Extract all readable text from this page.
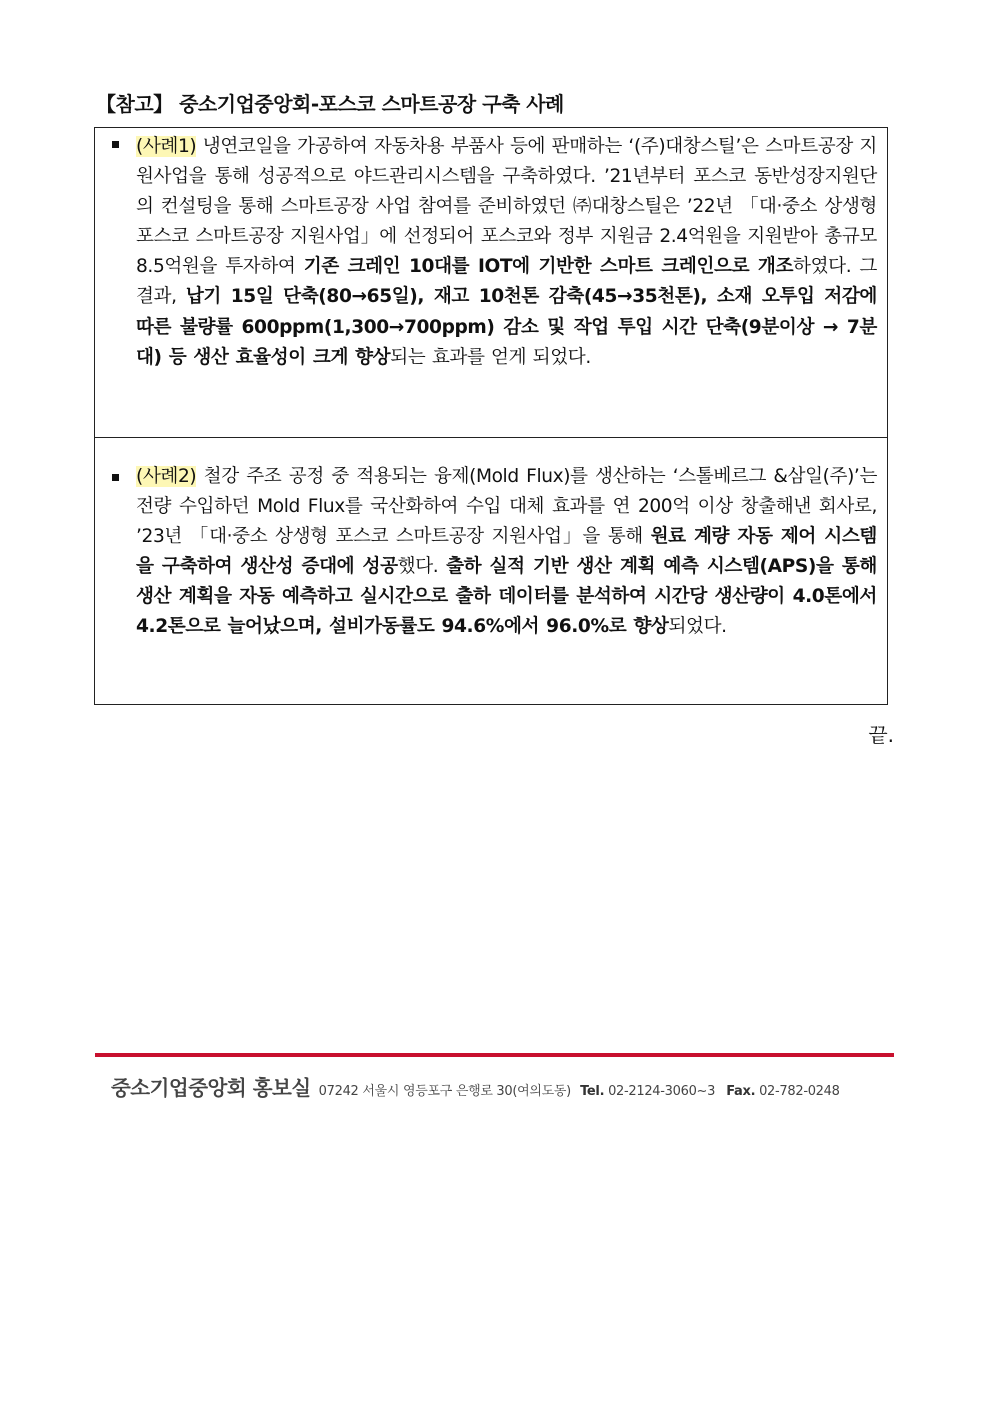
【참고】 중소기업중앙회-포스코 스마트공장 구축 사례

(사례1) 냉연코일을 가공하여 자동차용 부품사 등에 판매하는 ‘(주)대창스틸’은 스마트공장 지원사업을 통해 성공적으로 야드관리시스템을 구축하였다. ’21년부터 포스코 동반성장지원단의 컨설팅을 통해 스마트공장 사업 참여를 준비하였던 ㈜대창스틸은 ’22년 「대·중소 상생형 포스코 스마트공장 지원사업」에 선정되어 포스코와 정부 지원금 2.4억원을 지원받아 총규모 8.5억원을 투자하여 기존 크레인 10대를 IOT에 기반한 스마트 크레인으로 개조하였다. 그 결과, 납기 15일 단축(80→65일), 재고 10천톤 감축(45→35천톤), 소재 오투입 저감에 따른 불량률 600ppm(1,300→700ppm) 감소 및 작업 투입 시간 단축(9분이상 → 7분대) 등 생산 효율성이 크게 향상되는 효과를 얻게 되었다.

(사례2) 철강 주조 공정 중 적용되는 융제(Mold Flux)를 생산하는 ‘스톨베르그 &삼일(주)’는 전량 수입하던 Mold Flux를 국산화하여 수입 대체 효과를 연 200억 이상 창출해낸 회사로, ’23년 「대·중소 상생형 포스코 스마트공장 지원사업」을 통해 원료 계량 자동 제어 시스템을 구축하여 생산성 증대에 성공했다. 출하 실적 기반 생산 계획 예측 시스템(APS)을 통해 생산 계획을 자동 예측하고 실시간으로 출하 데이터를 분석하여 시간당 생산량이 4.0톤에서 4.2톤으로 늘어났으며, 설비가동률도 94.6%에서 96.0%로 향상되었다.

끝.

중소기업중앙회 홍보실 07242 서울시 영등포구 은행로 30(여의도동) Tel. 02-2124-3060~3 Fax. 02-782-0248
